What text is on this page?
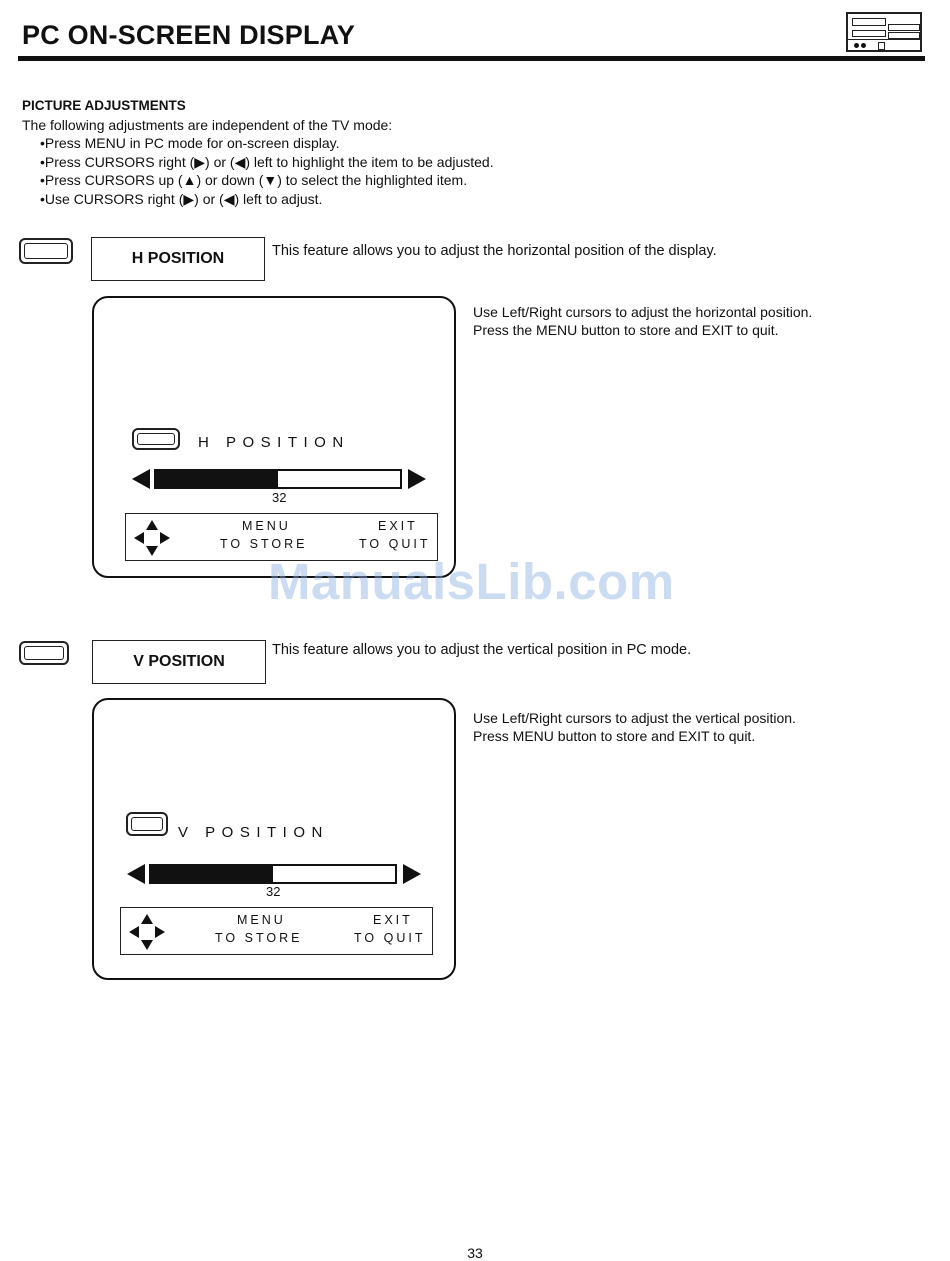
PC ON-SCREEN DISPLAY
PICTURE ADJUSTMENTS
The following adjustments are independent of the TV mode:
•Press MENU in PC mode for on-screen display.
•Press CURSORS right (▶) or (◀) left to highlight the item to be adjusted.
•Press CURSORS up (▲) or down (▼) to select the highlighted item.
•Use CURSORS right (▶) or (◀) left to adjust.
H POSITION	This feature allows you to adjust the horizontal position of the display.
Use Left/Right cursors to adjust the horizontal position.
Press the MENU button to store and EXIT to quit.
H POSITION
32
MENU
TO STORE
EXIT
TO QUIT
V POSITION
This feature allows you to adjust the vertical position in PC mode.
Use Left/Right cursors to adjust the vertical position.
Press MENU button to store and EXIT to quit.
V POSITION
32
MENU
TO STORE
EXIT
TO QUIT
33
ManualsLib.com
